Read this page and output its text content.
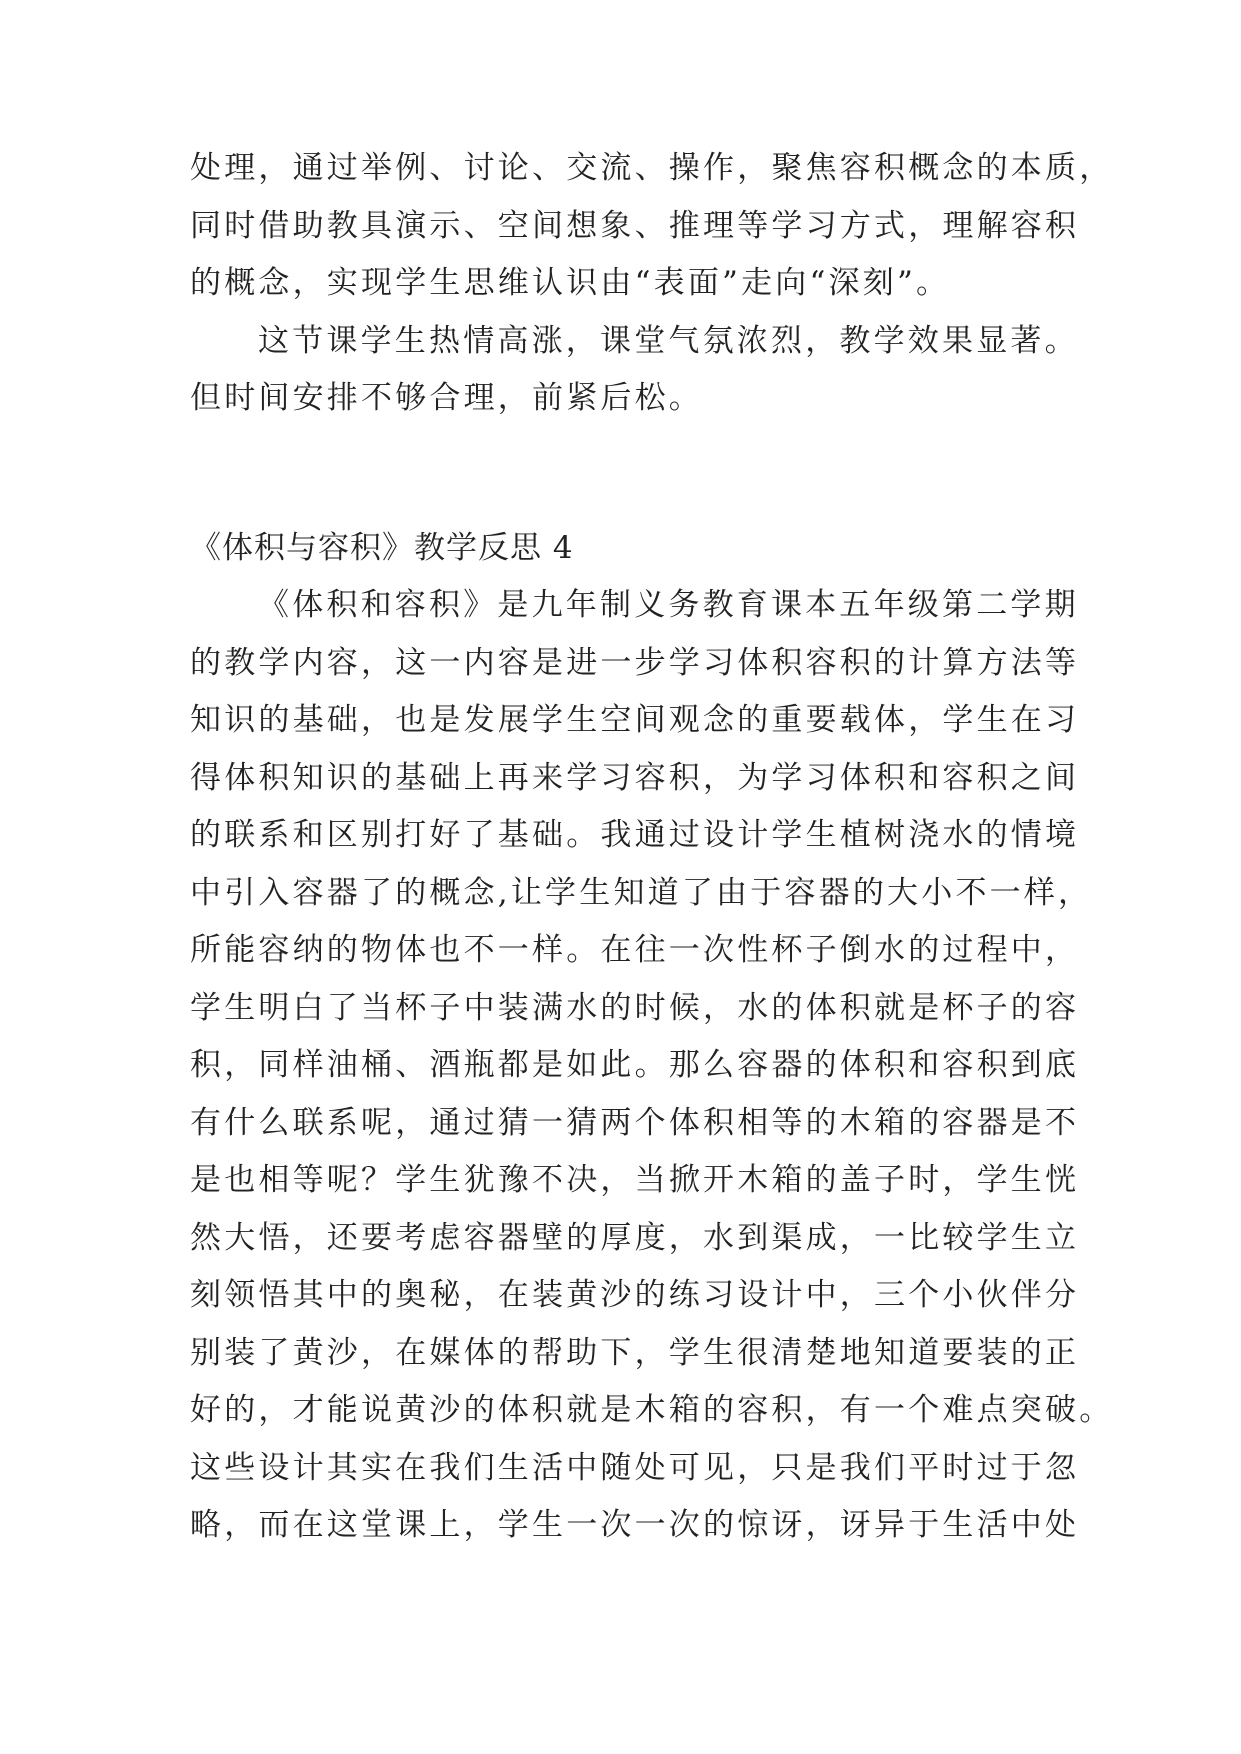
处理，通过举例、讨论、交流、操作，聚焦容积概念的本质，
同时借助教具演示、空间想象、推理等学习方式，理解容积
的概念，实现学生思维认识由“表面”走向“深刻”。
这节课学生热情高涨，课堂气氛浓烈，教学效果显著。
但时间安排不够合理，前紧后松。
《体积与容积》教学反思 4
《体积和容积》是九年制义务教育课本五年级第二学期
的教学内容，这一内容是进一步学习体积容积的计算方法等
知识的基础，也是发展学生空间观念的重要载体，学生在习
得体积知识的基础上再来学习容积，为学习体积和容积之间
的联系和区别打好了基础。我通过设计学生植树浇水的情境
中引入容器了的概念,让学生知道了由于容器的大小不一样，
所能容纳的物体也不一样。在往一次性杯子倒水的过程中，
学生明白了当杯子中装满水的时候，水的体积就是杯子的容
积，同样油桶、酒瓶都是如此。那么容器的体积和容积到底
有什么联系呢，通过猜一猜两个体积相等的木箱的容器是不
是也相等呢？学生犹豫不决，当掀开木箱的盖子时，学生恍
然大悟，还要考虑容器壁的厚度，水到渠成，一比较学生立
刻领悟其中的奥秘，在装黄沙的练习设计中，三个小伙伴分
别装了黄沙，在媒体的帮助下，学生很清楚地知道要装的正
好的，才能说黄沙的体积就是木箱的容积，有一个难点突破。
这些设计其实在我们生活中随处可见，只是我们平时过于忽
略，而在这堂课上，学生一次一次的惊讶，讶异于生活中处
